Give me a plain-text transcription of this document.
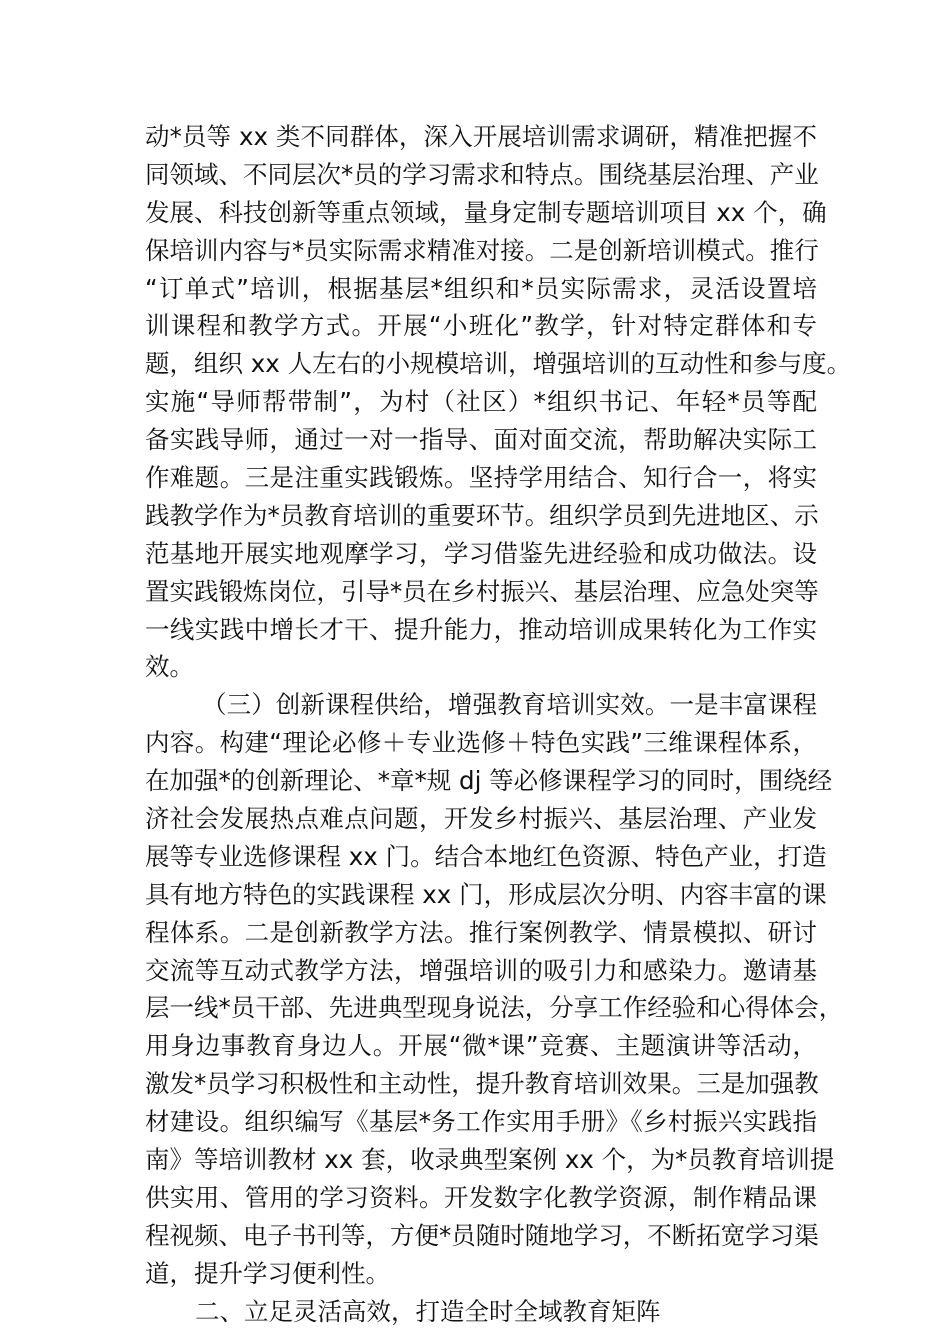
动*员等 xx 类不同群体，深入开展培训需求调研，精准把握不
同领域、不同层次*员的学习需求和特点。围绕基层治理、产业
发展、科技创新等重点领域，量身定制专题培训项目 xx 个，确
保培训内容与*员实际需求精准对接。二是创新培训模式。推行
“订单式”培训，根据基层*组织和*员实际需求，灵活设置培
训课程和教学方式。开展“小班化”教学，针对特定群体和专
题，组织 xx 人左右的小规模培训，增强培训的互动性和参与度。
实施“导师帮带制”，为村（社区）*组织书记、年轻*员等配
备实践导师，通过一对一指导、面对面交流，帮助解决实际工
作难题。三是注重实践锻炼。坚持学用结合、知行合一，将实
践教学作为*员教育培训的重要环节。组织学员到先进地区、示
范基地开展实地观摩学习，学习借鉴先进经验和成功做法。设
置实践锻炼岗位，引导*员在乡村振兴、基层治理、应急处突等
一线实践中增长才干、提升能力，推动培训成果转化为工作实
效。
（三）创新课程供给，增强教育培训实效。一是丰富课程
内容。构建“理论必修＋专业选修＋特色实践”三维课程体系，
在加强*的创新理论、*章*规 dj 等必修课程学习的同时，围绕经
济社会发展热点难点问题，开发乡村振兴、基层治理、产业发
展等专业选修课程 xx 门。结合本地红色资源、特色产业，打造
具有地方特色的实践课程 xx 门，形成层次分明、内容丰富的课
程体系。二是创新教学方法。推行案例教学、情景模拟、研讨
交流等互动式教学方法，增强培训的吸引力和感染力。邀请基
层一线*员干部、先进典型现身说法，分享工作经验和心得体会，
用身边事教育身边人。开展“微*课”竞赛、主题演讲等活动，
激发*员学习积极性和主动性，提升教育培训效果。三是加强教
材建设。组织编写《基层*务工作实用手册》《乡村振兴实践指
南》等培训教材 xx 套，收录典型案例 xx 个，为*员教育培训提
供实用、管用的学习资料。开发数字化教学资源，制作精品课
程视频、电子书刊等，方便*员随时随地学习，不断拓宽学习渠
道，提升学习便利性。
二、立足灵活高效，打造全时全域教育矩阵
